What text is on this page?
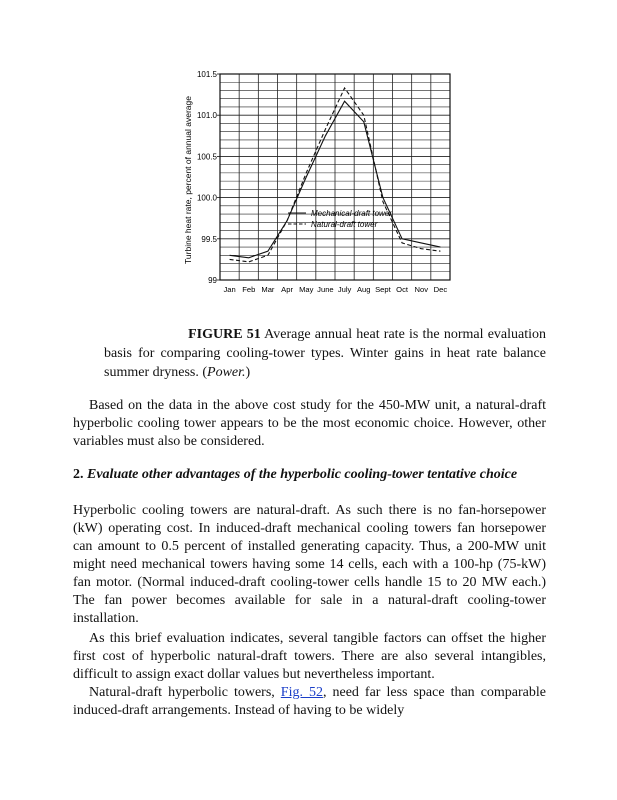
99
99.5
100.0
100.5
101.0
101.5
Jan Feb Mar Apr May June July Aug Sept Oct Nov Dec
Turbine heat rate, percent of annual average	Mechanical-draft tower
Natural-draft tower
FIGURE 51 Average annual heat rate is the normal evaluation basis for comparing cooling-tower types. Winter gains in heat rate balance summer dryness. (Power.)

Based on the data in the above cost study for the 450-MW unit, a natural-draft hyperbolic cooling tower appears to be the most economic choice. However, other variables must also be considered.

2. Evaluate other advantages of the hyperbolic cooling-tower tentative choice

Hyperbolic cooling towers are natural-draft. As such there is no fan-horsepower (kW) operating cost. In induced-draft mechanical cooling towers fan horsepower can amount to 0.5 percent of installed generating capacity. Thus, a 200-MW unit might need mechanical towers having some 14 cells, each with a 100-hp (75-kW) fan motor. (Normal induced-draft cooling-tower cells handle 15 to 20 MW each.) The fan power becomes available for sale in a natural-draft cooling-tower installation.

As this brief evaluation indicates, several tangible factors can offset the higher first cost of hyperbolic natural-draft towers. There are also several intangibles, difficult to assign exact dollar values but nevertheless important.

Natural-draft hyperbolic towers, Fig. 52, need far less space than comparable induced-draft arrangements. Instead of having to be widely
